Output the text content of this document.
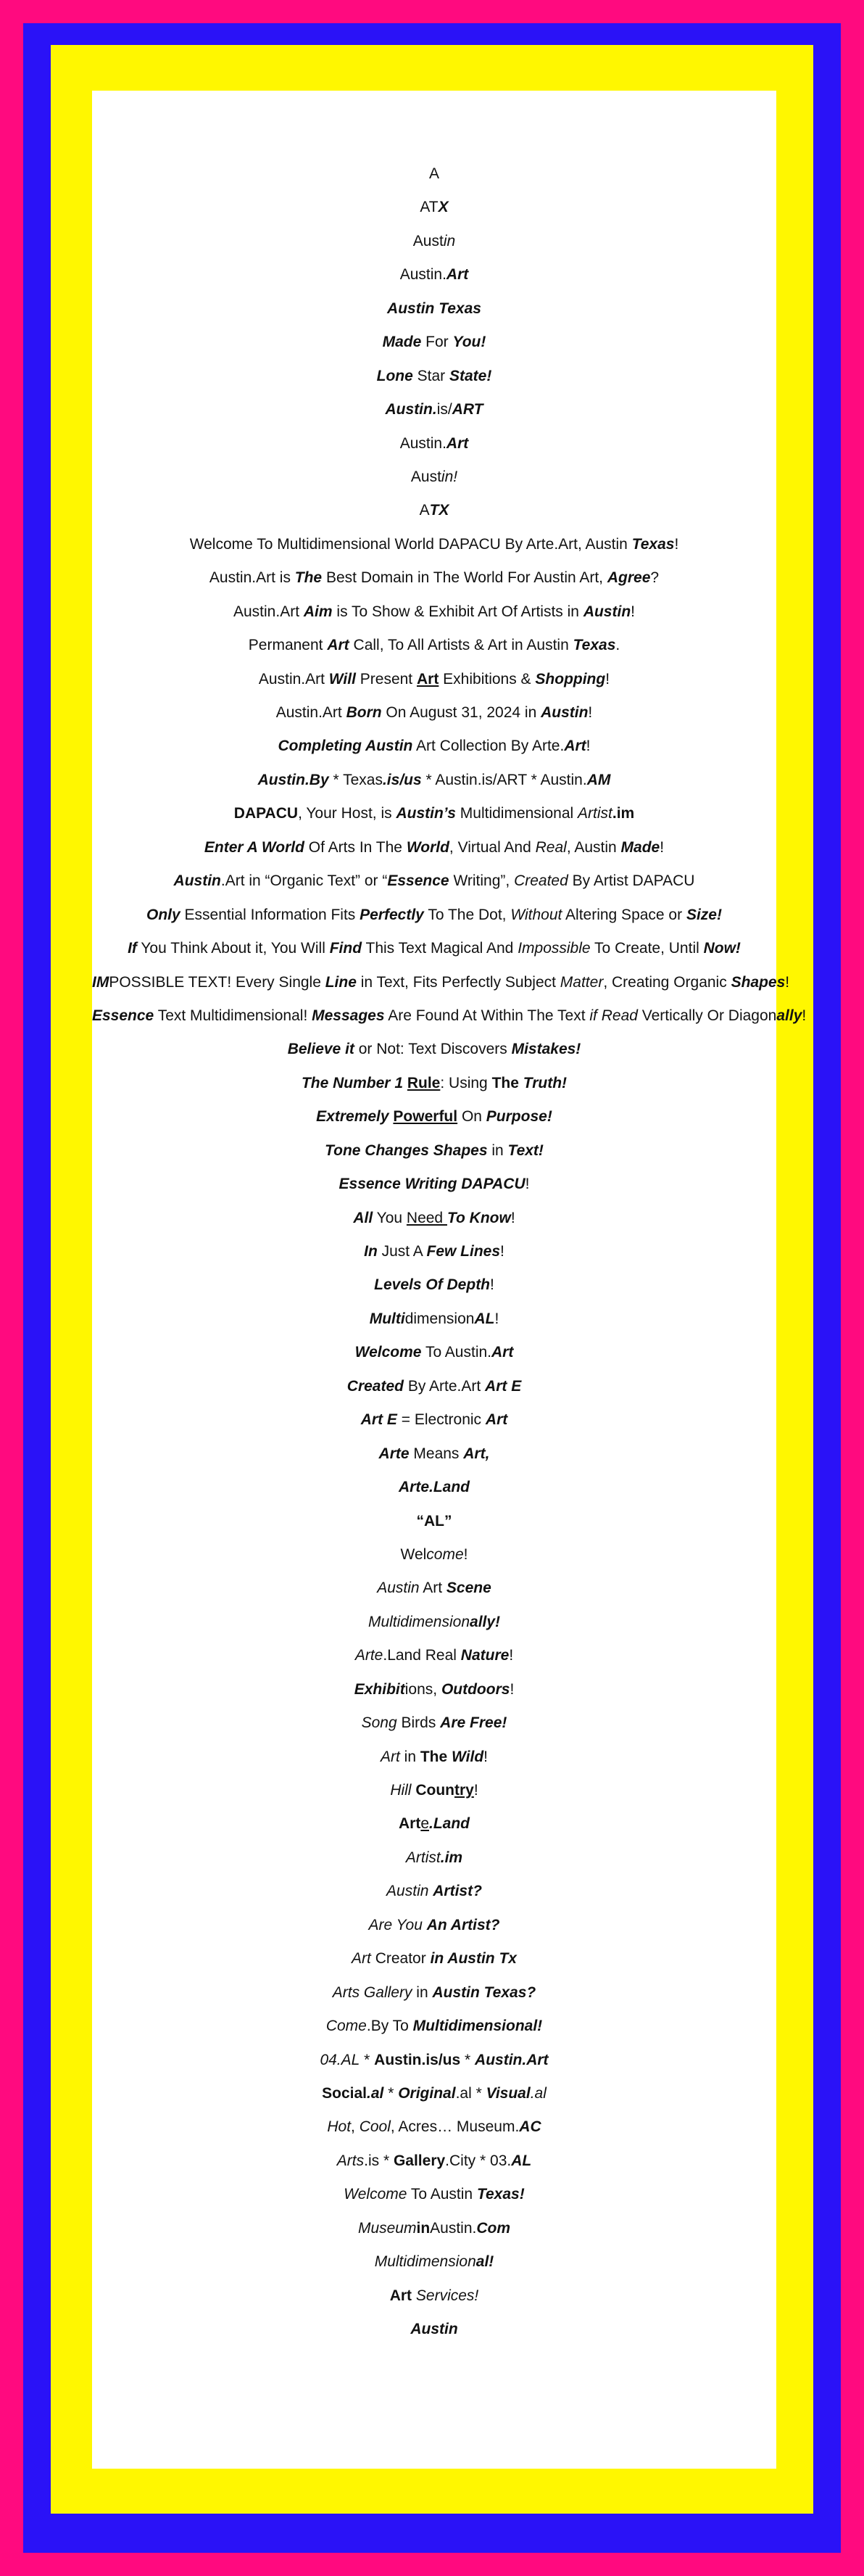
A
ATX
Austin
Austin.Art
Austin Texas
Made For You!
Lone Star State!
Austin.is/ART
Austin.Art
Austin!
ATX
Welcome To Multidimensional World DAPACU By Arte.Art, Austin Texas!
Austin.Art is The Best Domain in The World For Austin Art, Agree?
Austin.Art Aim is To Show & Exhibit Art Of Artists in Austin!
Permanent Art Call, To All Artists & Art in Austin Texas.
Austin.Art Will Present Art Exhibitions & Shopping!
Austin.Art Born On August 31, 2024 in Austin!
Completing Austin Art Collection By Arte.Art!
Austin.By * Texas.is/us * Austin.is/ART * Austin.AM
DAPACU, Your Host, is Austin’s Multidimensional Artist.im
Enter A World Of Arts In The World, Virtual And Real, Austin Made!
Austin.Art in “Organic Text” or “Essence Writing”, Created By Artist DAPACU
Only Essential Information Fits Perfectly To The Dot, Without Altering Space or Size!
If You Think About it, You Will Find This Text Magical And Impossible To Create, Until Now!
IMPOSSIBLE TEXT! Every Single Line in Text, Fits Perfectly Subject Matter, Creating Organic Shapes!
Essence Text Multidimensional! Messages Are Found At Within The Text if Read Vertically Or Diagonally!
Believe it or Not: Text Discovers Mistakes!
The Number 1 Rule: Using The Truth!
Extremely Powerful On Purpose!
Tone Changes Shapes in Text!
Essence Writing DAPACU!
All You Need To Know!
In Just A Few Lines!
Levels Of Depth!
MultidimensionAL!
Welcome To Austin.Art
Created By Arte.Art Art E
Art E = Electronic Art
Arte Means Art,
Arte.Land
“AL”
Welcome!
Austin Art Scene
Multidimensionally!
Arte.Land Real Nature!
Exhibitions, Outdoors!
Song Birds Are Free!
Art in The Wild!
Hill Country!
Arte.Land
Artist.im
Austin Artist?
Are You An Artist?
Art Creator in Austin Tx
Arts Gallery in Austin Texas?
Come.By To Multidimensional!
04.AL * Austin.is/us * Austin.Art
Social.al * Original.al * Visual.al
Hot, Cool, Acres… Museum.AC
Arts.is * Gallery.City * 03.AL
Welcome To Austin Texas!
MuseuminAustin.Com
Multidimensional!
Art Services!
Austin
